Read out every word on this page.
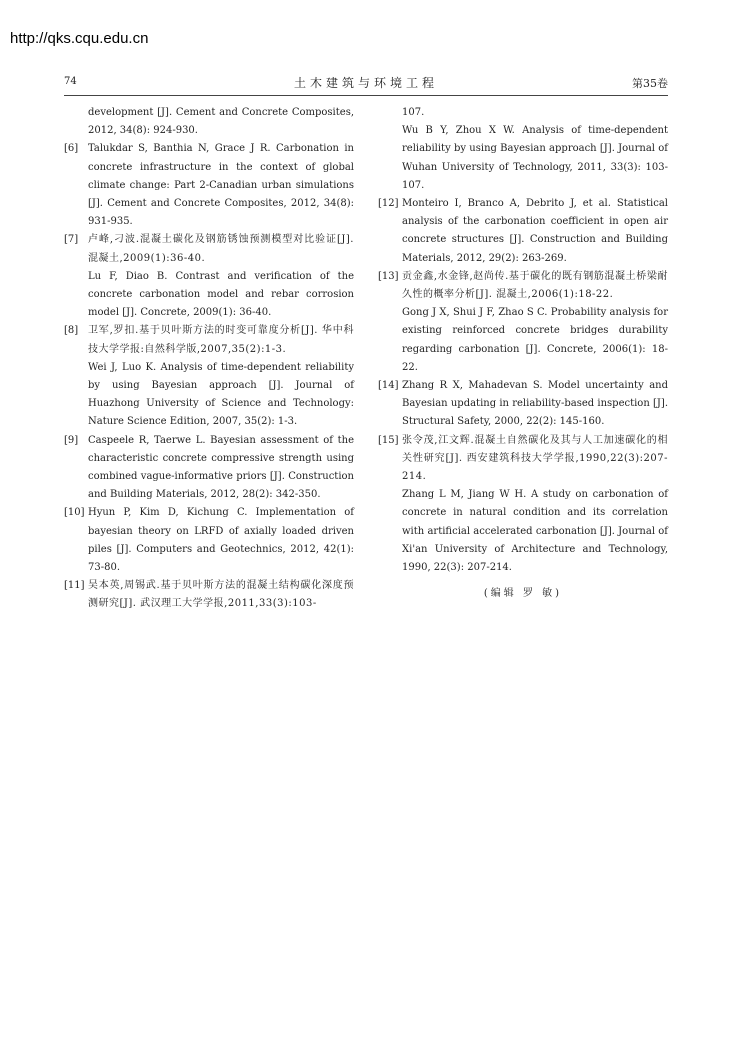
http://qks.cqu.edu.cn
74	土木建筑与环境工程	第35卷

development [J]. Cement and Concrete Composites, 2012, 34(8): 924-930.

[6] Talukdar S, Banthia N, Grace J R. Carbonation in concrete infrastructure in the context of global climate change: Part 2-Canadian urban simulations [J]. Cement and Concrete Composites, 2012, 34(8): 931-935.

[7] 卢峰,刁波.混凝土碳化及钢筋锈蚀预测模型对比验证[J]. 混凝土,2009(1):36-40.

Lu F, Diao B. Contrast and verification of the concrete carbonation model and rebar corrosion model [J]. Concrete, 2009(1): 36-40.

[8] 卫军,罗扣.基于贝叶斯方法的时变可靠度分析[J]. 华中科技大学学报:自然科学版,2007,35(2):1-3.

Wei J, Luo K. Analysis of time-dependent reliability by using Bayesian approach [J]. Journal of Huazhong University of Science and Technology: Nature Science Edition, 2007, 35(2): 1-3.

[9] Caspeele R, Taerwe L. Bayesian assessment of the characteristic concrete compressive strength using combined vague-informative priors [J]. Construction and Building Materials, 2012, 28(2): 342-350.

[10] Hyun P, Kim D, Kichung C. Implementation of bayesian theory on LRFD of axially loaded driven piles [J]. Computers and Geotechnics, 2012, 42(1): 73-80.

[11] 吴本英,周锡武.基于贝叶斯方法的混凝土结构碳化深度预测研究[J]. 武汉理工大学学报,2011,33(3):103-

107.

Wu B Y, Zhou X W. Analysis of time-dependent reliability by using Bayesian approach [J]. Journal of Wuhan University of Technology, 2011, 33(3): 103-107.

[12] Monteiro I, Branco A, Debrito J, et al. Statistical analysis of the carbonation coefficient in open air concrete structures [J]. Construction and Building Materials, 2012, 29(2): 263-269.

[13] 贡金鑫,水金锋,赵尚传.基于碳化的既有钢筋混凝土桥梁耐久性的概率分析[J]. 混凝土,2006(1):18-22.

Gong J X, Shui J F, Zhao S C. Probability analysis for existing reinforced concrete bridges durability regarding carbonation [J]. Concrete, 2006(1): 18-22.

[14] Zhang R X, Mahadevan S. Model uncertainty and Bayesian updating in reliability-based inspection [J]. Structural Safety, 2000, 22(2): 145-160.

[15] 张令茂,江文辉.混凝土自然碳化及其与人工加速碳化的相关性研究[J]. 西安建筑科技大学学报,1990,22(3):207-214.

Zhang L M, Jiang W H. A study on carbonation of concrete in natural condition and its correlation with artificial accelerated carbonation [J]. Journal of Xi'an University of Architecture and Technology, 1990, 22(3): 207-214.

(编辑 罗 敏)
